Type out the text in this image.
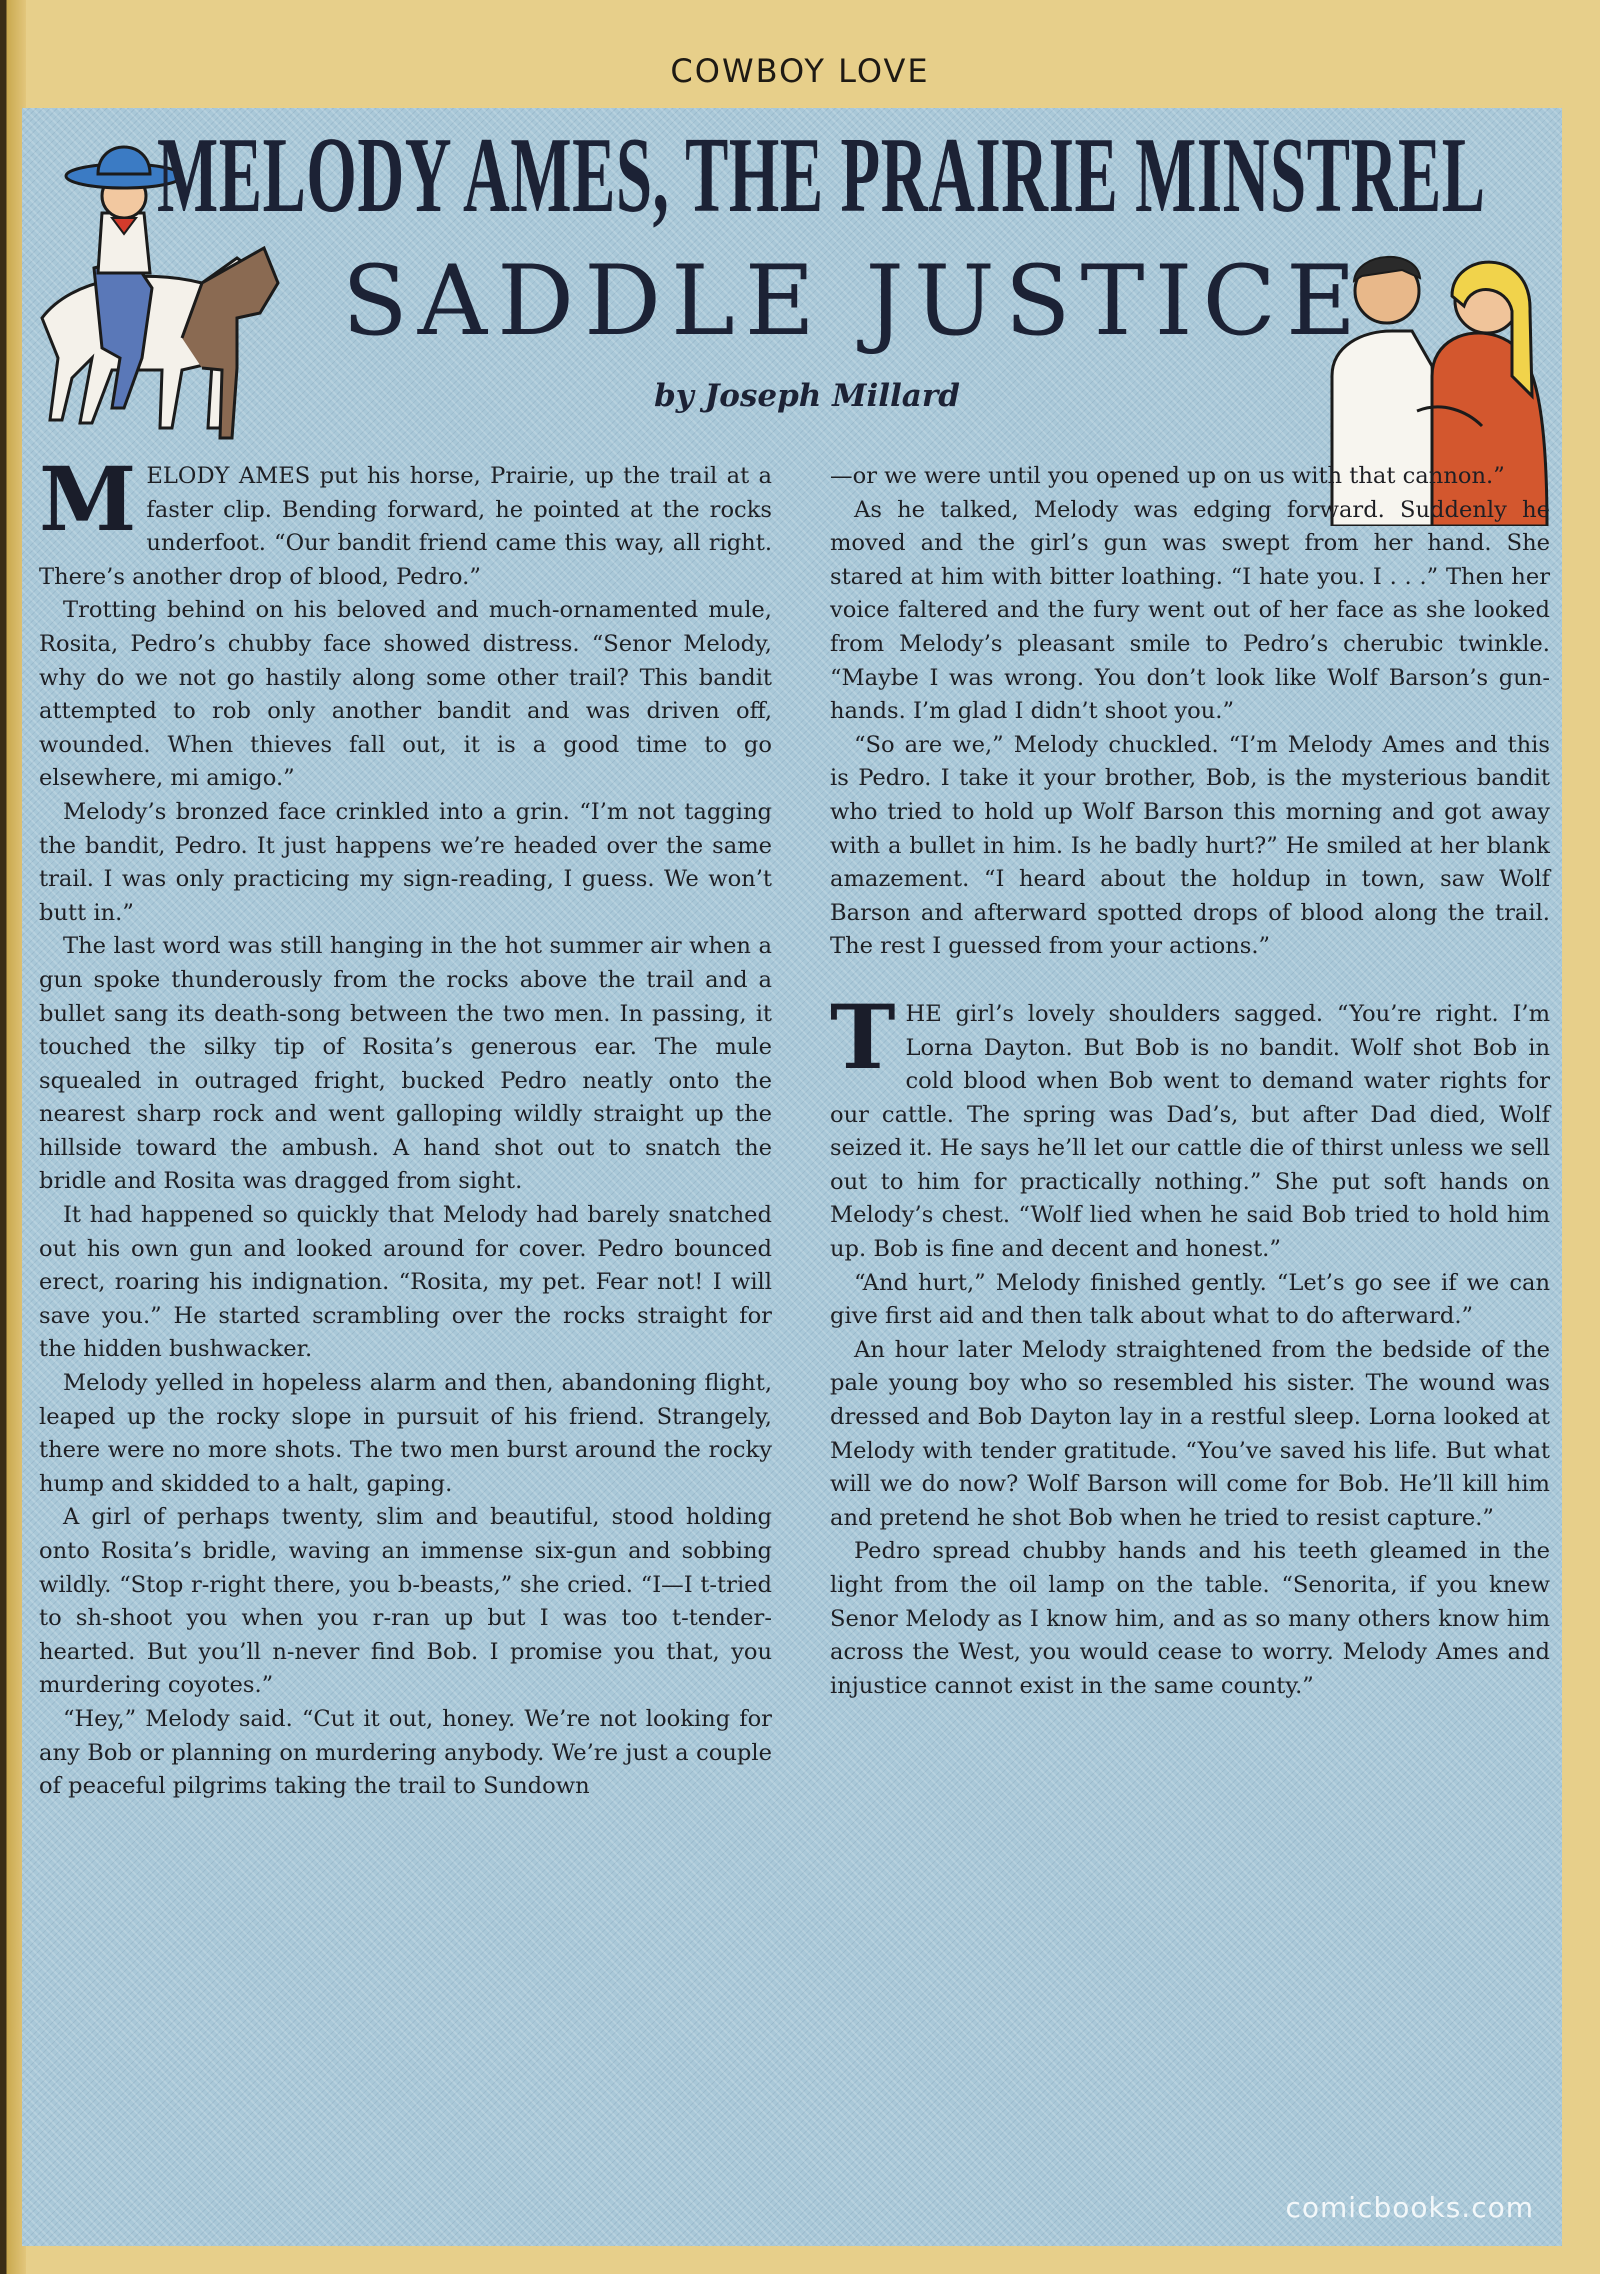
COWBOY LOVE
MELODY AMES, THE PRAIRIE MINSTREL
SADDLE JUSTICE
by Joseph Millard

MELODY AMES put his horse, Prairie, up the trail at a faster clip. Bending forward, he pointed at the rocks underfoot. “Our bandit friend came this way, all right. There’s another drop of blood, Pedro.”

Trotting behind on his beloved and much-ornamented mule, Rosita, Pedro’s chubby face showed distress. “Senor Melody, why do we not go hastily along some other trail? This bandit attempted to rob only another bandit and was driven off, wounded. When thieves fall out, it is a good time to go elsewhere, mi amigo.”

Melody’s bronzed face crinkled into a grin. “I’m not tagging the bandit, Pedro. It just happens we’re headed over the same trail. I was only practicing my sign-reading, I guess. We won’t butt in.”

The last word was still hanging in the hot summer air when a gun spoke thunderously from the rocks above the trail and a bullet sang its death-song between the two men. In passing, it touched the silky tip of Rosita’s generous ear. The mule squealed in outraged fright, bucked Pedro neatly onto the nearest sharp rock and went galloping wildly straight up the hillside toward the ambush. A hand shot out to snatch the bridle and Rosita was dragged from sight.

It had happened so quickly that Melody had barely snatched out his own gun and looked around for cover. Pedro bounced erect, roaring his indignation. “Rosita, my pet. Fear not! I will save you.” He started scrambling over the rocks straight for the hidden bushwacker.

Melody yelled in hopeless alarm and then, abandoning flight, leaped up the rocky slope in pursuit of his friend. Strangely, there were no more shots. The two men burst around the rocky hump and skidded to a halt, gaping.

A girl of perhaps twenty, slim and beautiful, stood holding onto Rosita’s bridle, waving an immense six-gun and sobbing wildly. “Stop r-right there, you b-beasts,” she cried. “I—I t-tried to sh-shoot you when you r-ran up but I was too t-tender-hearted. But you’ll n-never find Bob. I promise you that, you murdering coyotes.”

“Hey,” Melody said. “Cut it out, honey. We’re not looking for any Bob or planning on murdering anybody. We’re just a couple of peaceful pilgrims taking the trail to Sundown

—or we were until you opened up on us with that cannon.”

As he talked, Melody was edging forward. Suddenly he moved and the girl’s gun was swept from her hand. She stared at him with bitter loathing. “I hate you. I . . .” Then her voice faltered and the fury went out of her face as she looked from Melody’s pleasant smile to Pedro’s cherubic twinkle. “Maybe I was wrong. You don’t look like Wolf Barson’s gun-hands. I’m glad I didn’t shoot you.”

“So are we,” Melody chuckled. “I’m Melody Ames and this is Pedro. I take it your brother, Bob, is the mysterious bandit who tried to hold up Wolf Barson this morning and got away with a bullet in him. Is he badly hurt?” He smiled at her blank amazement. “I heard about the holdup in town, saw Wolf Barson and afterward spotted drops of blood along the trail. The rest I guessed from your actions.”

THE girl’s lovely shoulders sagged. “You’re right. I’m Lorna Dayton. But Bob is no bandit. Wolf shot Bob in cold blood when Bob went to demand water rights for our cattle. The spring was Dad’s, but after Dad died, Wolf seized it. He says he’ll let our cattle die of thirst unless we sell out to him for practically nothing.” She put soft hands on Melody’s chest. “Wolf lied when he said Bob tried to hold him up. Bob is fine and decent and honest.”

“And hurt,” Melody finished gently. “Let’s go see if we can give first aid and then talk about what to do afterward.”

An hour later Melody straightened from the bedside of the pale young boy who so resembled his sister. The wound was dressed and Bob Dayton lay in a restful sleep. Lorna looked at Melody with tender gratitude. “You’ve saved his life. But what will we do now? Wolf Barson will come for Bob. He’ll kill him and pretend he shot Bob when he tried to resist capture.”

Pedro spread chubby hands and his teeth gleamed in the light from the oil lamp on the table. “Senorita, if you knew Senor Melody as I know him, and as so many others know him across the West, you would cease to worry. Melody Ames and injustice cannot exist in the same county.”

comicbooks.com
